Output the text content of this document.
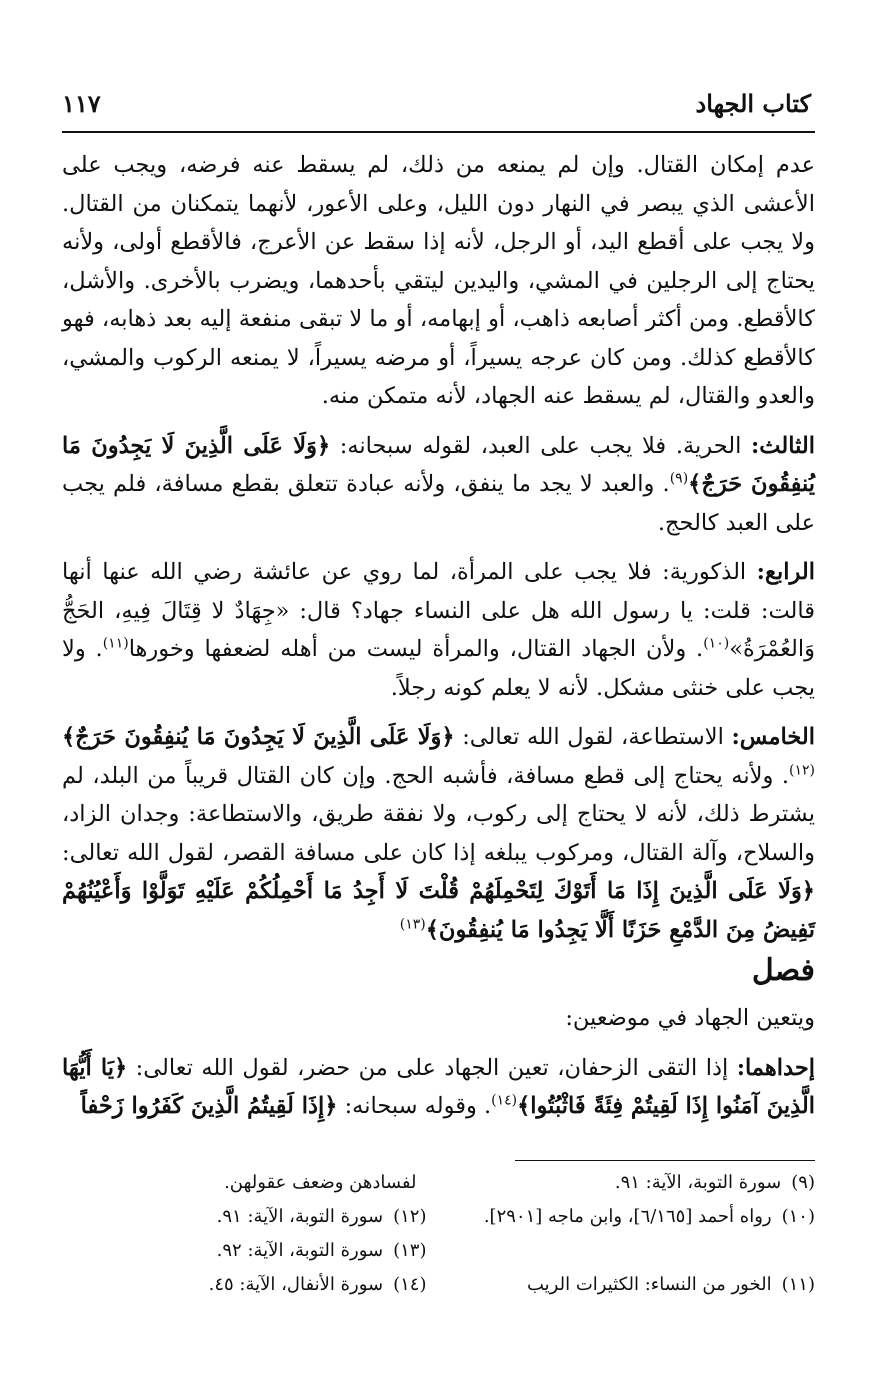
١١٧	كتاب الجهاد

عدم إمكان القتال. وإن لم يمنعه من ذلك، لم يسقط عنه فرضه، ويجب على الأعشى الذي يبصر في النهار دون الليل، وعلى الأعور، لأنهما يتمكنان من القتال. ولا يجب على أقطع اليد، أو الرجل، لأنه إذا سقط عن الأعرج، فالأقطع أولى، ولأنه يحتاج إلى الرجلين في المشي، واليدين ليتقي بأحدهما، ويضرب بالأخرى. والأشل، كالأقطع. ومن أكثر أصابعه ذاهب، أو إبهامه، أو ما لا تبقى منفعة إليه بعد ذهابه، فهو كالأقطع كذلك. ومن كان عرجه يسيراً، أو مرضه يسيراً، لا يمنعه الركوب والمشي، والعدو والقتال، لم يسقط عنه الجهاد، لأنه متمكن منه.

الثالث: الحرية. فلا يجب على العبد، لقوله سبحانه: ﴿وَلَا عَلَى الَّذِينَ لَا يَجِدُونَ مَا يُنفِقُونَ حَرَجٌ﴾$^{(٩)}$. والعبد لا يجد ما ينفق، ولأنه عبادة تتعلق بقطع مسافة، فلم يجب على العبد كالحج.

الرابع: الذكورية: فلا يجب على المرأة، لما روي عن عائشة رضي الله عنها أنها قالت: قلت: يا رسول الله هل على النساء جهاد؟ قال: «جِهَادٌ لا قِتَالَ فِيهِ، الحَجُّ وَالعُمْرَةُ»$^{(١٠)}$. ولأن الجهاد القتال، والمرأة ليست من أهله لضعفها وخورها$^{(١١)}$. ولا يجب على خنثى مشكل. لأنه لا يعلم كونه رجلاً.

الخامس: الاستطاعة، لقول الله تعالى: ﴿وَلَا عَلَى الَّذِينَ لَا يَجِدُونَ مَا يُنفِقُونَ حَرَجٌ﴾$^{(١٢)}$. ولأنه يحتاج إلى قطع مسافة، فأشبه الحج. وإن كان القتال قريباً من البلد، لم يشترط ذلك، لأنه لا يحتاج إلى ركوب، ولا نفقة طريق، والاستطاعة: وجدان الزاد، والسلاح، وآلة القتال، ومركوب يبلغه إذا كان على مسافة القصر، لقول الله تعالى: ﴿وَلَا عَلَى الَّذِينَ إِذَا مَا أَتَوْكَ لِتَحْمِلَهُمْ قُلْتَ لَا أَجِدُ مَا أَحْمِلُكُمْ عَلَيْهِ تَوَلَّوْا وَأَعْيُنُهُمْ تَفِيضُ مِنَ الدَّمْعِ حَزَنًا أَلَّا يَجِدُوا مَا يُنفِقُونَ﴾$^{(١٣)}$

فصل

ويتعين الجهاد في موضعين:

إحداهما: إذا التقى الزحفان، تعين الجهاد على من حضر، لقول الله تعالى: ﴿يَا أَيُّهَا الَّذِينَ آمَنُوا إِذَا لَقِيتُمْ فِئَةً فَاثْبُتُوا﴾$^{(١٤)}$. وقوله سبحانه: ﴿إِذَا لَقِيتُمُ الَّذِينَ كَفَرُوا زَحْفاً

(٩)
سورة التوبة، الآية: ٩١.
لفسادهن وضعف عقولهن.
(١٠)
رواه أحمد [٦/١٦٥]، وابن ماجه [٢٩٠١].
(١٢)
سورة التوبة، الآية: ٩١.
(١٣)
سورة التوبة، الآية: ٩٢.
(١١)
الخور من النساء: الكثيرات الريب
(١٤)
سورة الأنفال، الآية: ٤٥.
